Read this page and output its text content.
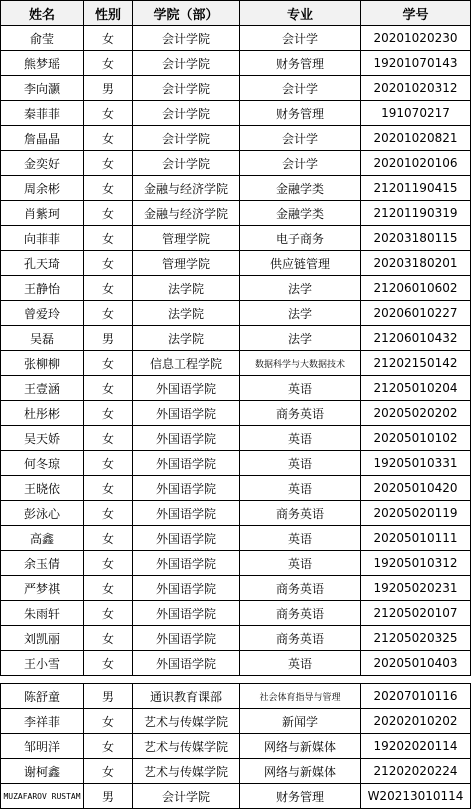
姓名	性别	学院（部）	专业	学号
俞莹	女	会计学院	会计学	20201020230
熊梦瑶	女	会计学院	财务管理	19201070143
李向灏	男	会计学院	会计学	20201020312
秦菲菲	女	会计学院	财务管理	191070217
詹晶晶	女	会计学院	会计学	20201020821
金奕好	女	会计学院	会计学	20201020106
周余彬	女	金融与经济学院	金融学类	21201190415
肖紫珂	女	金融与经济学院	金融学类	21201190319
向菲菲	女	管理学院	电子商务	20203180115
孔天琦	女	管理学院	供应链管理	20203180201
王静怡	女	法学院	法学	21206010602
曾爱玲	女	法学院	法学	20206010227
吴磊	男	法学院	法学	21206010432
张柳柳	女	信息工程学院	数据科学与大数据技术	21202150142
王壹涵	女	外国语学院	英语	21205010204
杜彤彬	女	外国语学院	商务英语	20205020202
吴天娇	女	外国语学院	英语	20205010102
何冬琼	女	外国语学院	英语	19205010331
王晓依	女	外国语学院	英语	20205010420
彭泳心	女	外国语学院	商务英语	20205020119
高鑫	女	外国语学院	英语	20205010111
余玉倩	女	外国语学院	英语	19205010312
严梦祺	女	外国语学院	商务英语	19205020231
朱雨轩	女	外国语学院	商务英语	21205020107
刘凯丽	女	外国语学院	商务英语	21205020325
王小雪	女	外国语学院	英语	20205010403
陈舒童	男	通识教育课部	社会体育指导与管理	20207010116
李祥菲	女	艺术与传媒学院	新闻学	20202010202
邹明洋	女	艺术与传媒学院	网络与新媒体	19202020114
谢柯鑫	女	艺术与传媒学院	网络与新媒体	21202020224
MUZAFAROV RUSTAM	男	会计学院	财务管理	W20213010114
